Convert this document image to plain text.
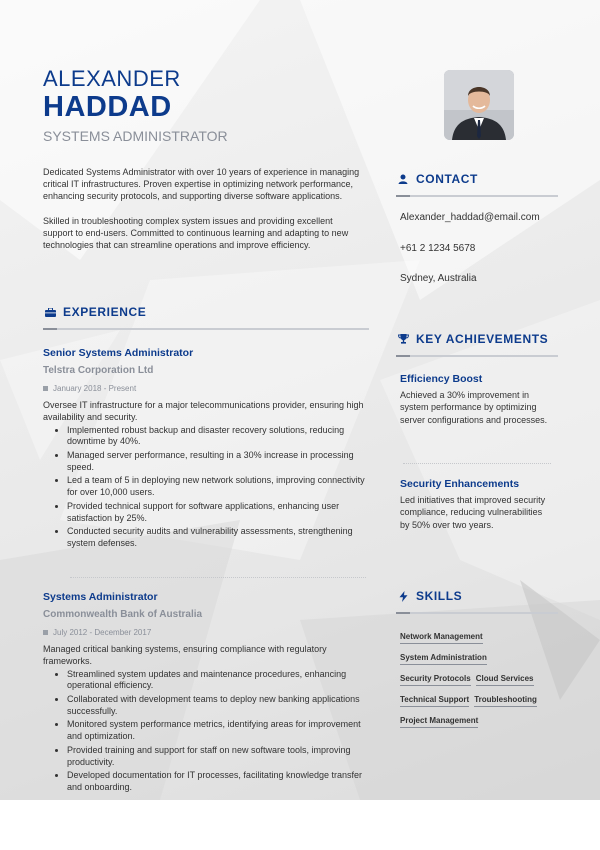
ALEXANDER
HADDAD
SYSTEMS ADMINISTRATOR

Dedicated Systems Administrator with over 10 years of experience in managing critical IT infrastructures. Proven expertise in optimizing network performance, enhancing security protocols, and supporting diverse software applications.

Skilled in troubleshooting complex system issues and providing excellent support to end-users. Committed to continuous learning and adapting to new technologies that can streamline operations and improve efficiency.

EXPERIENCE
Senior Systems Administrator
Telstra Corporation Ltd
January 2018 - Present
Oversee IT infrastructure for a major telecommunications provider, ensuring high availability and security.
• Implemented robust backup and disaster recovery solutions, reducing downtime by 40%.
• Managed server performance, resulting in a 30% increase in processing speed.
• Led a team of 5 in deploying new network solutions, improving connectivity for over 10,000 users.
• Provided technical support for software applications, enhancing user satisfaction by 25%.
• Conducted security audits and vulnerability assessments, strengthening system defenses.
Systems Administrator
Commonwealth Bank of Australia
July 2012 - December 2017
Managed critical banking systems, ensuring compliance with regulatory frameworks.
• Streamlined system updates and maintenance procedures, enhancing operational efficiency.
• Collaborated with development teams to deploy new banking applications successfully.
• Monitored system performance metrics, identifying areas for improvement and optimization.
• Provided training and support for staff on new software tools, improving productivity.
• Developed documentation for IT processes, facilitating knowledge transfer and onboarding.
CONTACT
Alexander_haddad@email.com
+61 2 1234 5678
Sydney, Australia
KEY ACHIEVEMENTS
Efficiency Boost
Achieved a 30% improvement in system performance by optimizing server configurations and processes.
Security Enhancements
Led initiatives that improved security compliance, reducing vulnerabilities by 50% over two years.
SKILLS
Network Management
System Administration
Security Protocols Cloud Services
Technical Support Troubleshooting
Project Management
